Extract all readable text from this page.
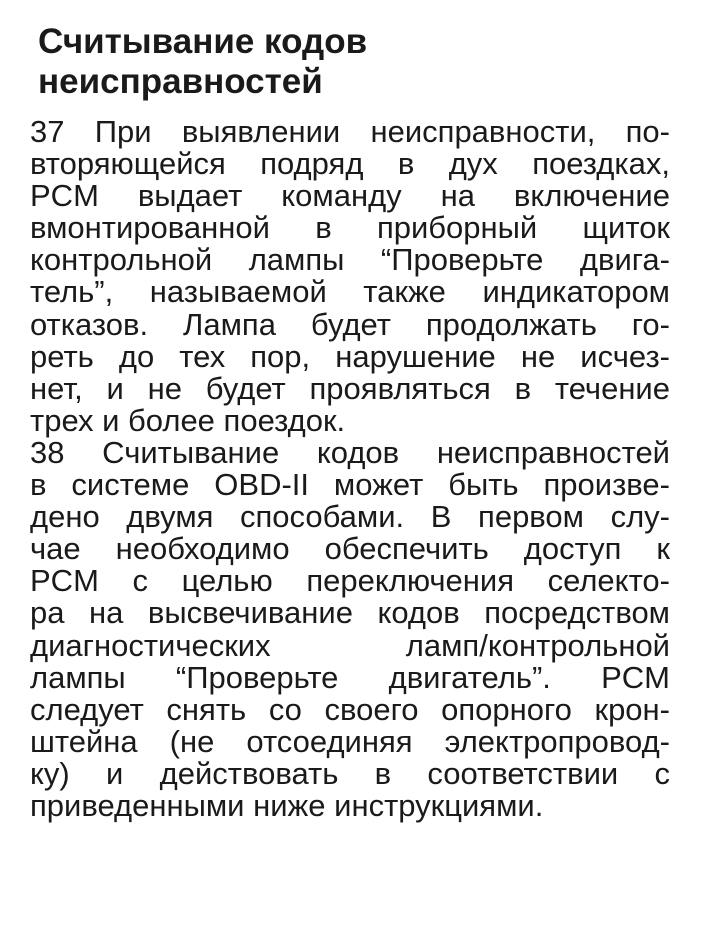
Считывание кодов
неисправностей
37 При выявлении неисправности, по-
вторяющейся подряд в дух поездках,
PCM выдает команду на включение
вмонтированной в приборный щиток
контрольной лампы “Проверьте двига-
тель”, называемой также индикатором
отказов. Лампа будет продолжать го-
реть до тех пор, нарушение не исчез-
нет, и не будет проявляться в течение
трех и более поездок.
38 Считывание кодов неисправностей
в системе OBD-II может быть произве-
дено двумя способами. В первом слу-
чае необходимо обеспечить доступ к
PCM с целью переключения селекто-
ра на высвечивание кодов посредством
диагностических ламп/контрольной
лампы “Проверьте двигатель”. PCM
следует снять со своего опорного крон-
штейна (не отсоединяя электропровод-
ку) и действовать в соответствии с
приведенными ниже инструкциями.
